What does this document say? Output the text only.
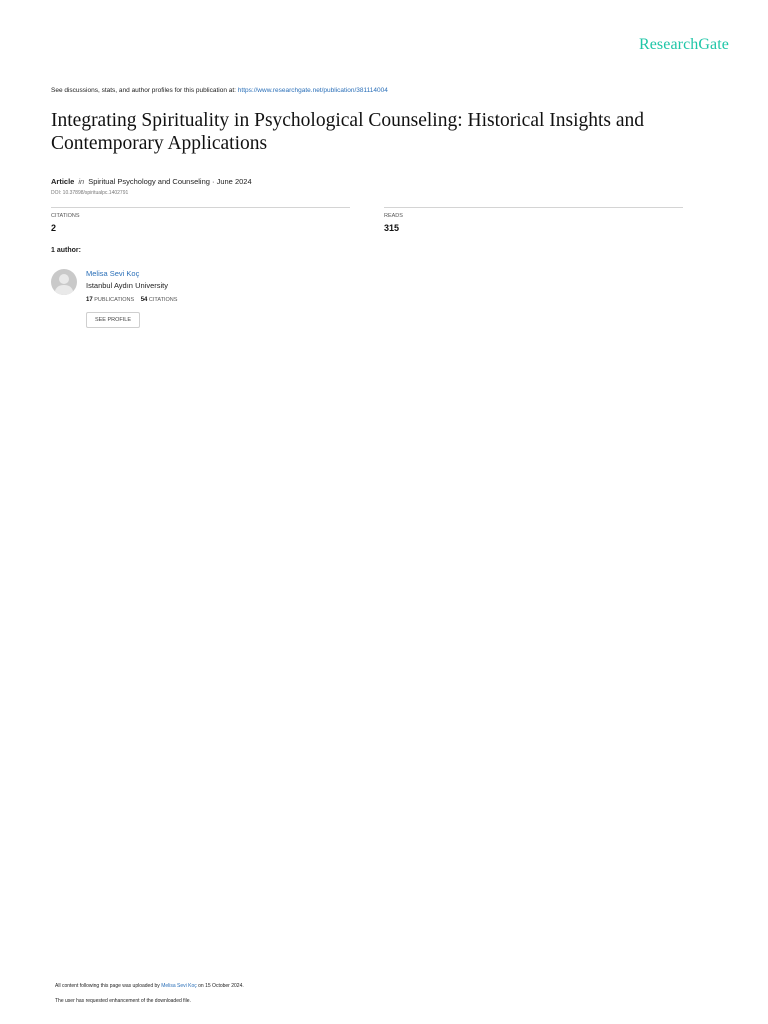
ResearchGate
See discussions, stats, and author profiles for this publication at: https://www.researchgate.net/publication/381114004
Integrating Spirituality in Psychological Counseling: Historical Insights and Contemporary Applications
Article in Spiritual Psychology and Counseling · June 2024
DOI: 10.37898/spiritualpc.1402791
CITATIONS
2
READS
315
1 author:
Melisa Sevi Koç
Istanbul Aydın University
17 PUBLICATIONS 54 CITATIONS
SEE PROFILE
All content following this page was uploaded by Melisa Sevi Koç on 15 October 2024.
The user has requested enhancement of the downloaded file.
